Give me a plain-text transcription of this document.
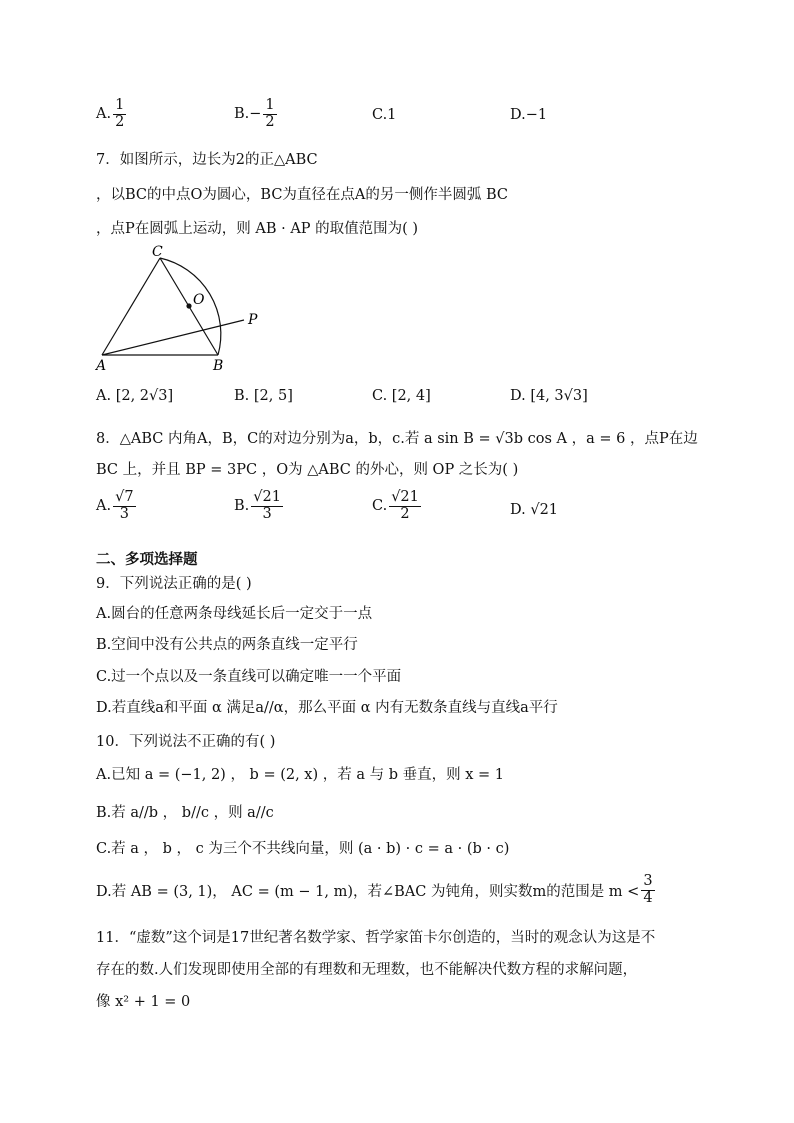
A. $\frac{1}{2}$	$B.- \frac{1}{2}$	C.1	D.−1
7．如图所示，边长为2的正△ABC
，以BC的中点O为圆心，BC为直径在点A的另一侧作半圆弧 BC
，点P在圆弧上运动，则 AB · AP 的取值范围为( )
C
O
P
A	B
A. [2, 2√3]	B. [2, 5]	C. [2, 4]	D. [4, 3√3]
8．△ABC 内角A，B，C的对边分别为a，b，c.若 a sin B = √3b cos A ，a = 6 ，点P在边
BC 上，并且 BP = 3PC ，O为 △ABC 的外心，则 OP 之长为( )
A. $\frac{√7}{3}$	B. $\frac{√21}{3}$	C. $\frac{√21}{2}$	D. √21
二、多项选择题
9．下列说法正确的是( )
A.圆台的任意两条母线延长后一定交于一点
B.空间中没有公共点的两条直线一定平行
C.过一个点以及一条直线可以确定唯一一个平面
D.若直线a和平面 α 满足a//α，那么平面 α 内有无数条直线与直线a平行
10．下列说法不正确的有( )
A.已知 a = (−1, 2) ， b = (2, x) ，若 a 与 b 垂直，则 x = 1
B.若 a//b ， b//c ，则 a//c
C.若 a ， b ， c 为三个不共线向量，则 (a · b) · c = a · (b · c)
D.若 AB = (3, 1)， AC = (m − 1, m)，若∠BAC 为钝角，则实数m的范围是 $m < \frac{3}{4}$
11．“虚数”这个词是17世纪著名数学家、哲学家笛卡尔创造的，当时的观念认为这是不
存在的数.人们发现即使用全部的有理数和无理数，也不能解决代数方程的求解问题，
像 x² + 1 = 0
